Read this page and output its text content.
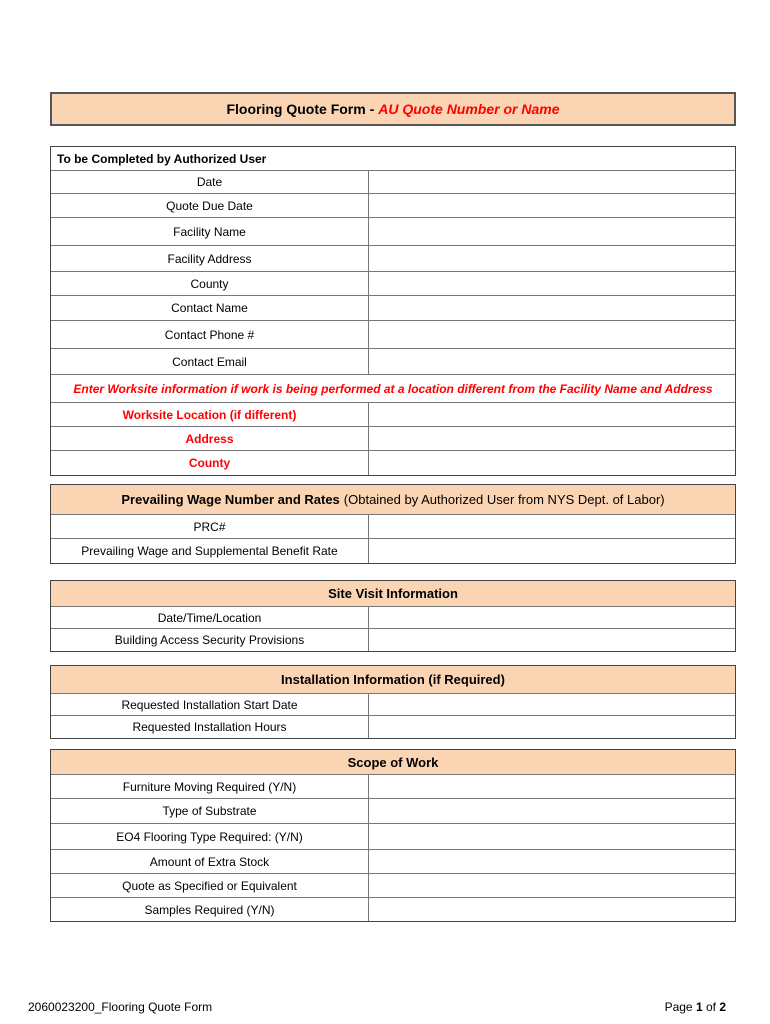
Flooring Quote Form - AU Quote Number or Name
To be Completed by Authorized User
Date
Quote Due Date
Facility Name
Facility Address
County
Contact Name
Contact Phone #
Contact Email
Enter Worksite information if work is being performed at a location different from the Facility Name and Address
Worksite Location (if different)
Address
County
Prevailing Wage Number and Rates (Obtained by Authorized User from NYS Dept. of Labor)
PRC#
Prevailing Wage and Supplemental Benefit Rate
Site Visit Information
Date/Time/Location
Building Access Security Provisions
Installation Information (if Required)
Requested Installation Start Date
Requested Installation Hours
Scope of Work
Furniture Moving Required (Y/N)
Type of Substrate
EO4 Flooring Type Required: (Y/N)
Amount of Extra Stock
Quote as Specified or Equivalent
Samples Required (Y/N)
2060023200_Flooring Quote Form	Page 1 of 2
